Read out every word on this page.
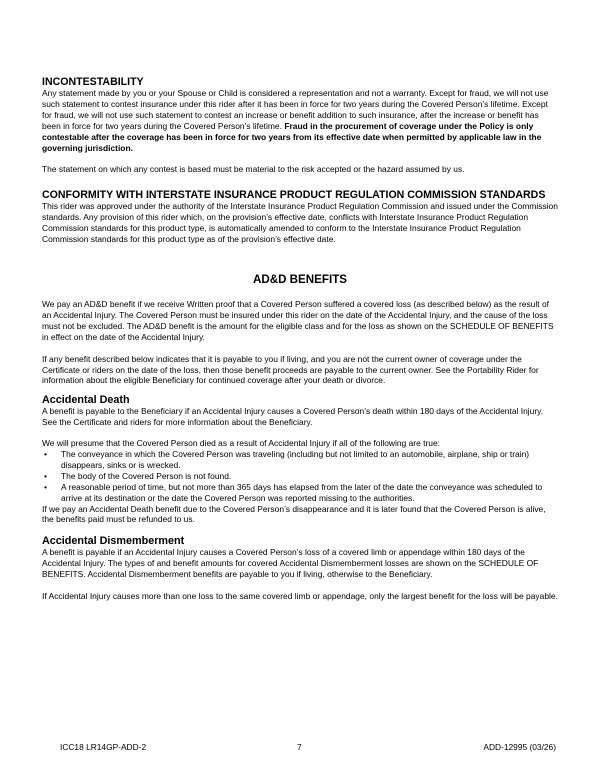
INCONTESTABILITY

Any statement made by you or your Spouse or Child is considered a representation and not a warranty. Except for fraud, we will not use such statement to contest insurance under this rider after it has been in force for two years during the Covered Person’s lifetime. Except for fraud, we will not use such statement to contest an increase or benefit addition to such insurance, after the increase or benefit has been in force for two years during the Covered Person’s lifetime. Fraud in the procurement of coverage under the Policy is only contestable after the coverage has been in force for two years from its effective date when permitted by applicable law in the governing jurisdiction.

The statement on which any contest is based must be material to the risk accepted or the hazard assumed by us.

CONFORMITY WITH INTERSTATE INSURANCE PRODUCT REGULATION COMMISSION STANDARDS

This rider was approved under the authority of the Interstate Insurance Product Regulation Commission and issued under the Commission standards. Any provision of this rider which, on the provision’s effective date, conflicts with Interstate Insurance Product Regulation Commission standards for this product type, is automatically amended to conform to the Interstate Insurance Product Regulation Commission standards for this product type as of the provision’s effective date.

AD&D BENEFITS

We pay an AD&D benefit if we receive Written proof that a Covered Person suffered a covered loss (as described below) as the result of an Accidental Injury. The Covered Person must be insured under this rider on the date of the Accidental Injury, and the cause of the loss must not be excluded. The AD&D benefit is the amount for the eligible class and for the loss as shown on the SCHEDULE OF BENEFITS in effect on the date of the Accidental Injury.

If any benefit described below indicates that it is payable to you if living, and you are not the current owner of coverage under the Certificate or riders on the date of the loss, then those benefit proceeds are payable to the current owner. See the Portability Rider for information about the eligible Beneficiary for continued coverage after your death or divorce.

Accidental Death

A benefit is payable to the Beneficiary if an Accidental Injury causes a Covered Person’s death within 180 days of the Accidental Injury. See the Certificate and riders for more information about the Beneficiary.

We will presume that the Covered Person died as a result of Accidental Injury if all of the following are true:

• The conveyance in which the Covered Person was traveling (including but not limited to an automobile, airplane, ship or train) disappears, sinks or is wrecked.
• The body of the Covered Person is not found.
• A reasonable period of time, but not more than 365 days has elapsed from the later of the date the conveyance was scheduled to arrive at its destination or the date the Covered Person was reported missing to the authorities.

If we pay an Accidental Death benefit due to the Covered Person’s disappearance and it is later found that the Covered Person is alive, the benefits paid must be refunded to us.

Accidental Dismemberment

A benefit is payable if an Accidental Injury causes a Covered Person’s loss of a covered limb or appendage within 180 days of the Accidental Injury. The types of and benefit amounts for covered Accidental Dismemberment losses are shown on the SCHEDULE OF BENEFITS. Accidental Dismemberment benefits are payable to you if living, otherwise to the Beneficiary.

If Accidental Injury causes more than one loss to the same covered limb or appendage, only the largest benefit for the loss will be payable.

ICC18 LR14GP-ADD-2	7	ADD-12995 (03/26)
